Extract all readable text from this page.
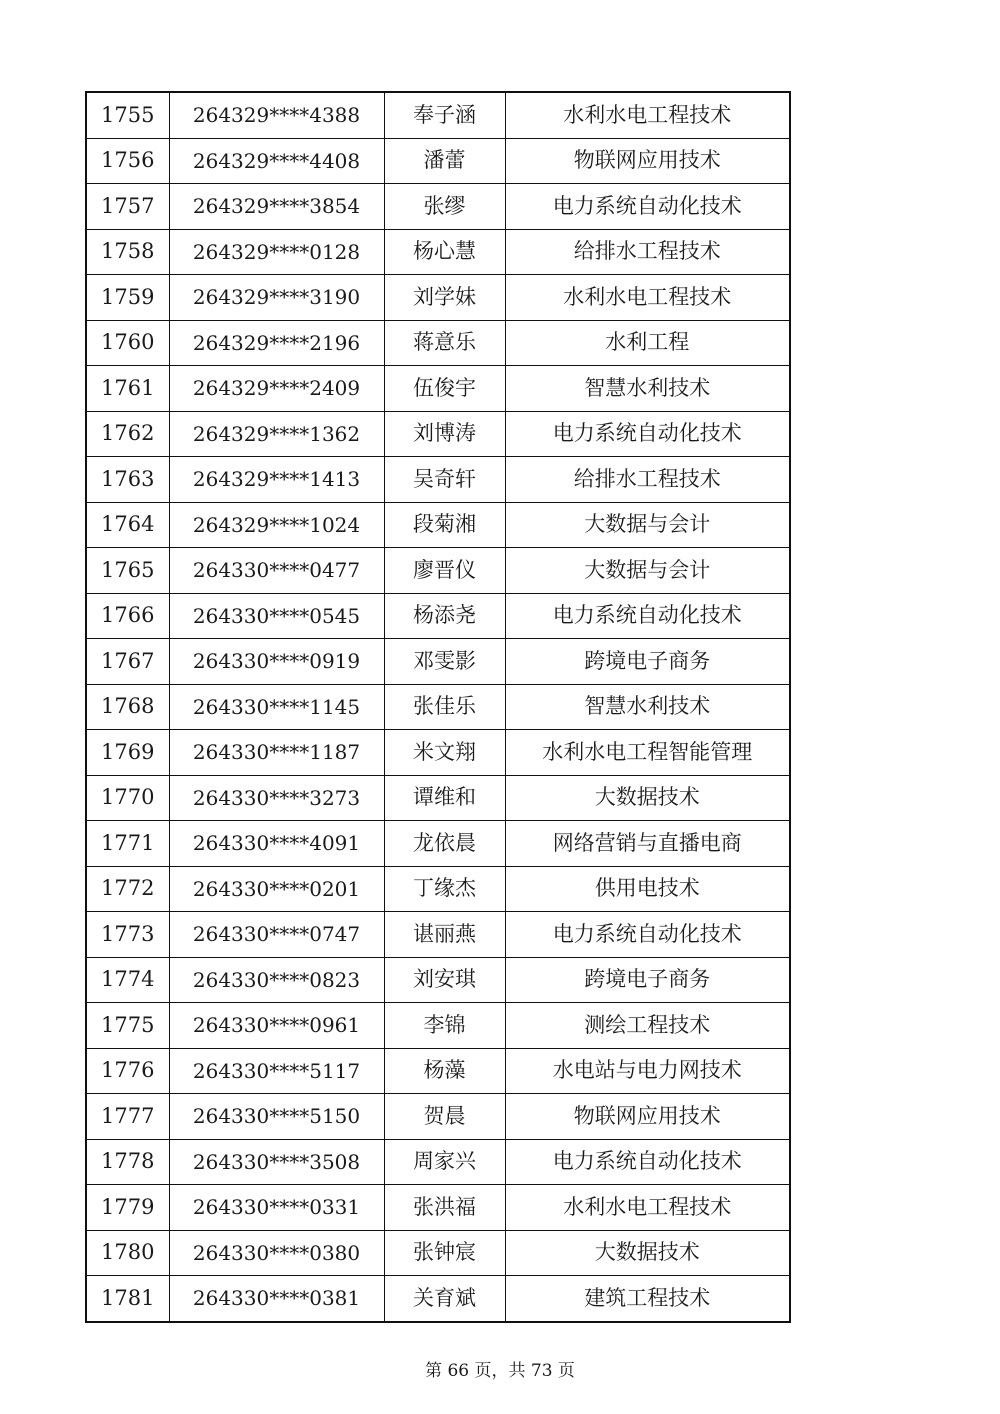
1755	264329****4388	奉子涵	水利水电工程技术
1756	264329****4408	潘蕾	物联网应用技术
1757	264329****3854	张缪	电力系统自动化技术
1758	264329****0128	杨心慧	给排水工程技术
1759	264329****3190	刘学妹	水利水电工程技术
1760	264329****2196	蒋意乐	水利工程
1761	264329****2409	伍俊宇	智慧水利技术
1762	264329****1362	刘博涛	电力系统自动化技术
1763	264329****1413	吴奇轩	给排水工程技术
1764	264329****1024	段菊湘	大数据与会计
1765	264330****0477	廖晋仪	大数据与会计
1766	264330****0545	杨添尧	电力系统自动化技术
1767	264330****0919	邓雯影	跨境电子商务
1768	264330****1145	张佳乐	智慧水利技术
1769	264330****1187	米文翔	水利水电工程智能管理
1770	264330****3273	谭维和	大数据技术
1771	264330****4091	龙依晨	网络营销与直播电商
1772	264330****0201	丁缘杰	供用电技术
1773	264330****0747	谌丽燕	电力系统自动化技术
1774	264330****0823	刘安琪	跨境电子商务
1775	264330****0961	李锦	测绘工程技术
1776	264330****5117	杨藻	水电站与电力网技术
1777	264330****5150	贺晨	物联网应用技术
1778	264330****3508	周家兴	电力系统自动化技术
1779	264330****0331	张洪福	水利水电工程技术
1780	264330****0380	张钟宸	大数据技术
1781	264330****0381	关育斌	建筑工程技术
第 66 页，共 73 页
